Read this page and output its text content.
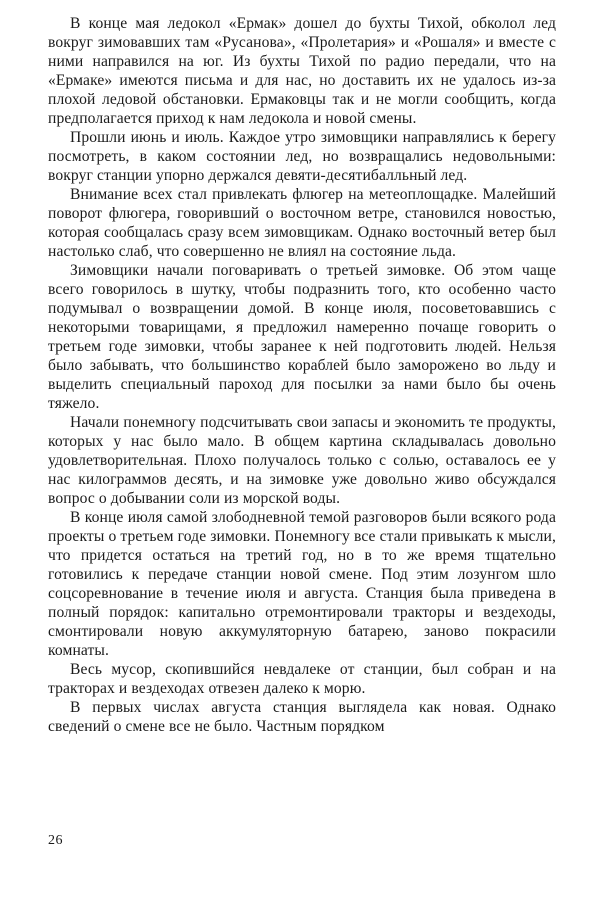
В конце мая ледокол «Ермак» дошел до бухты Тихой, обколол лед вокруг зимовавших там «Русанова», «Пролетария» и «Рошаля» и вместе с ними направился на юг. Из бухты Тихой по радио передали, что на «Ермаке» имеются письма и для нас, но доставить их не удалось из-за плохой ледовой обстановки. Ермаковцы так и не могли сообщить, когда предполагается приход к нам ледокола и новой смены.

Прошли июнь и июль. Каждое утро зимовщики направлялись к берегу посмотреть, в каком состоянии лед, но возвращались недовольными: вокруг станции упорно держался девяти-десятибалльный лед.

Внимание всех стал привлекать флюгер на метеоплощадке. Малейший поворот флюгера, говоривший о восточном ветре, становился новостью, которая сообщалась сразу всем зимовщикам. Однако восточный ветер был настолько слаб, что совершенно не влиял на состояние льда.

Зимовщики начали поговаривать о третьей зимовке. Об этом чаще всего говорилось в шутку, чтобы подразнить того, кто особенно часто подумывал о возвращении домой. В конце июля, посоветовавшись с некоторыми товарищами, я предложил намеренно почаще говорить о третьем годе зимовки, чтобы заранее к ней подготовить людей. Нельзя было забывать, что большинство кораблей было заморожено во льду и выделить специальный пароход для посылки за нами было бы очень тяжело.

Начали понемногу подсчитывать свои запасы и экономить те продукты, которых у нас было мало. В общем картина складывалась довольно удовлетворительная. Плохо получалось только с солью, оставалось ее у нас килограммов десять, и на зимовке уже довольно живо обсуждался вопрос о добывании соли из морской воды.

В конце июля самой злободневной темой разговоров были всякого рода проекты о третьем годе зимовки. Понемногу все стали привыкать к мысли, что придется остаться на третий год, но в то же время тщательно готовились к передаче станции новой смене. Под этим лозунгом шло соцсоревнование в течение июля и августа. Станция была приведена в полный порядок: капитально отремонтировали тракторы и вездеходы, смонтировали новую аккумуляторную батарею, заново покрасили комнаты.

Весь мусор, скопившийся невдалеке от станции, был собран и на тракторах и вездеходах отвезен далеко к морю.

В первых числах августа станция выглядела как новая. Однако сведений о смене все не было. Частным порядком

26
